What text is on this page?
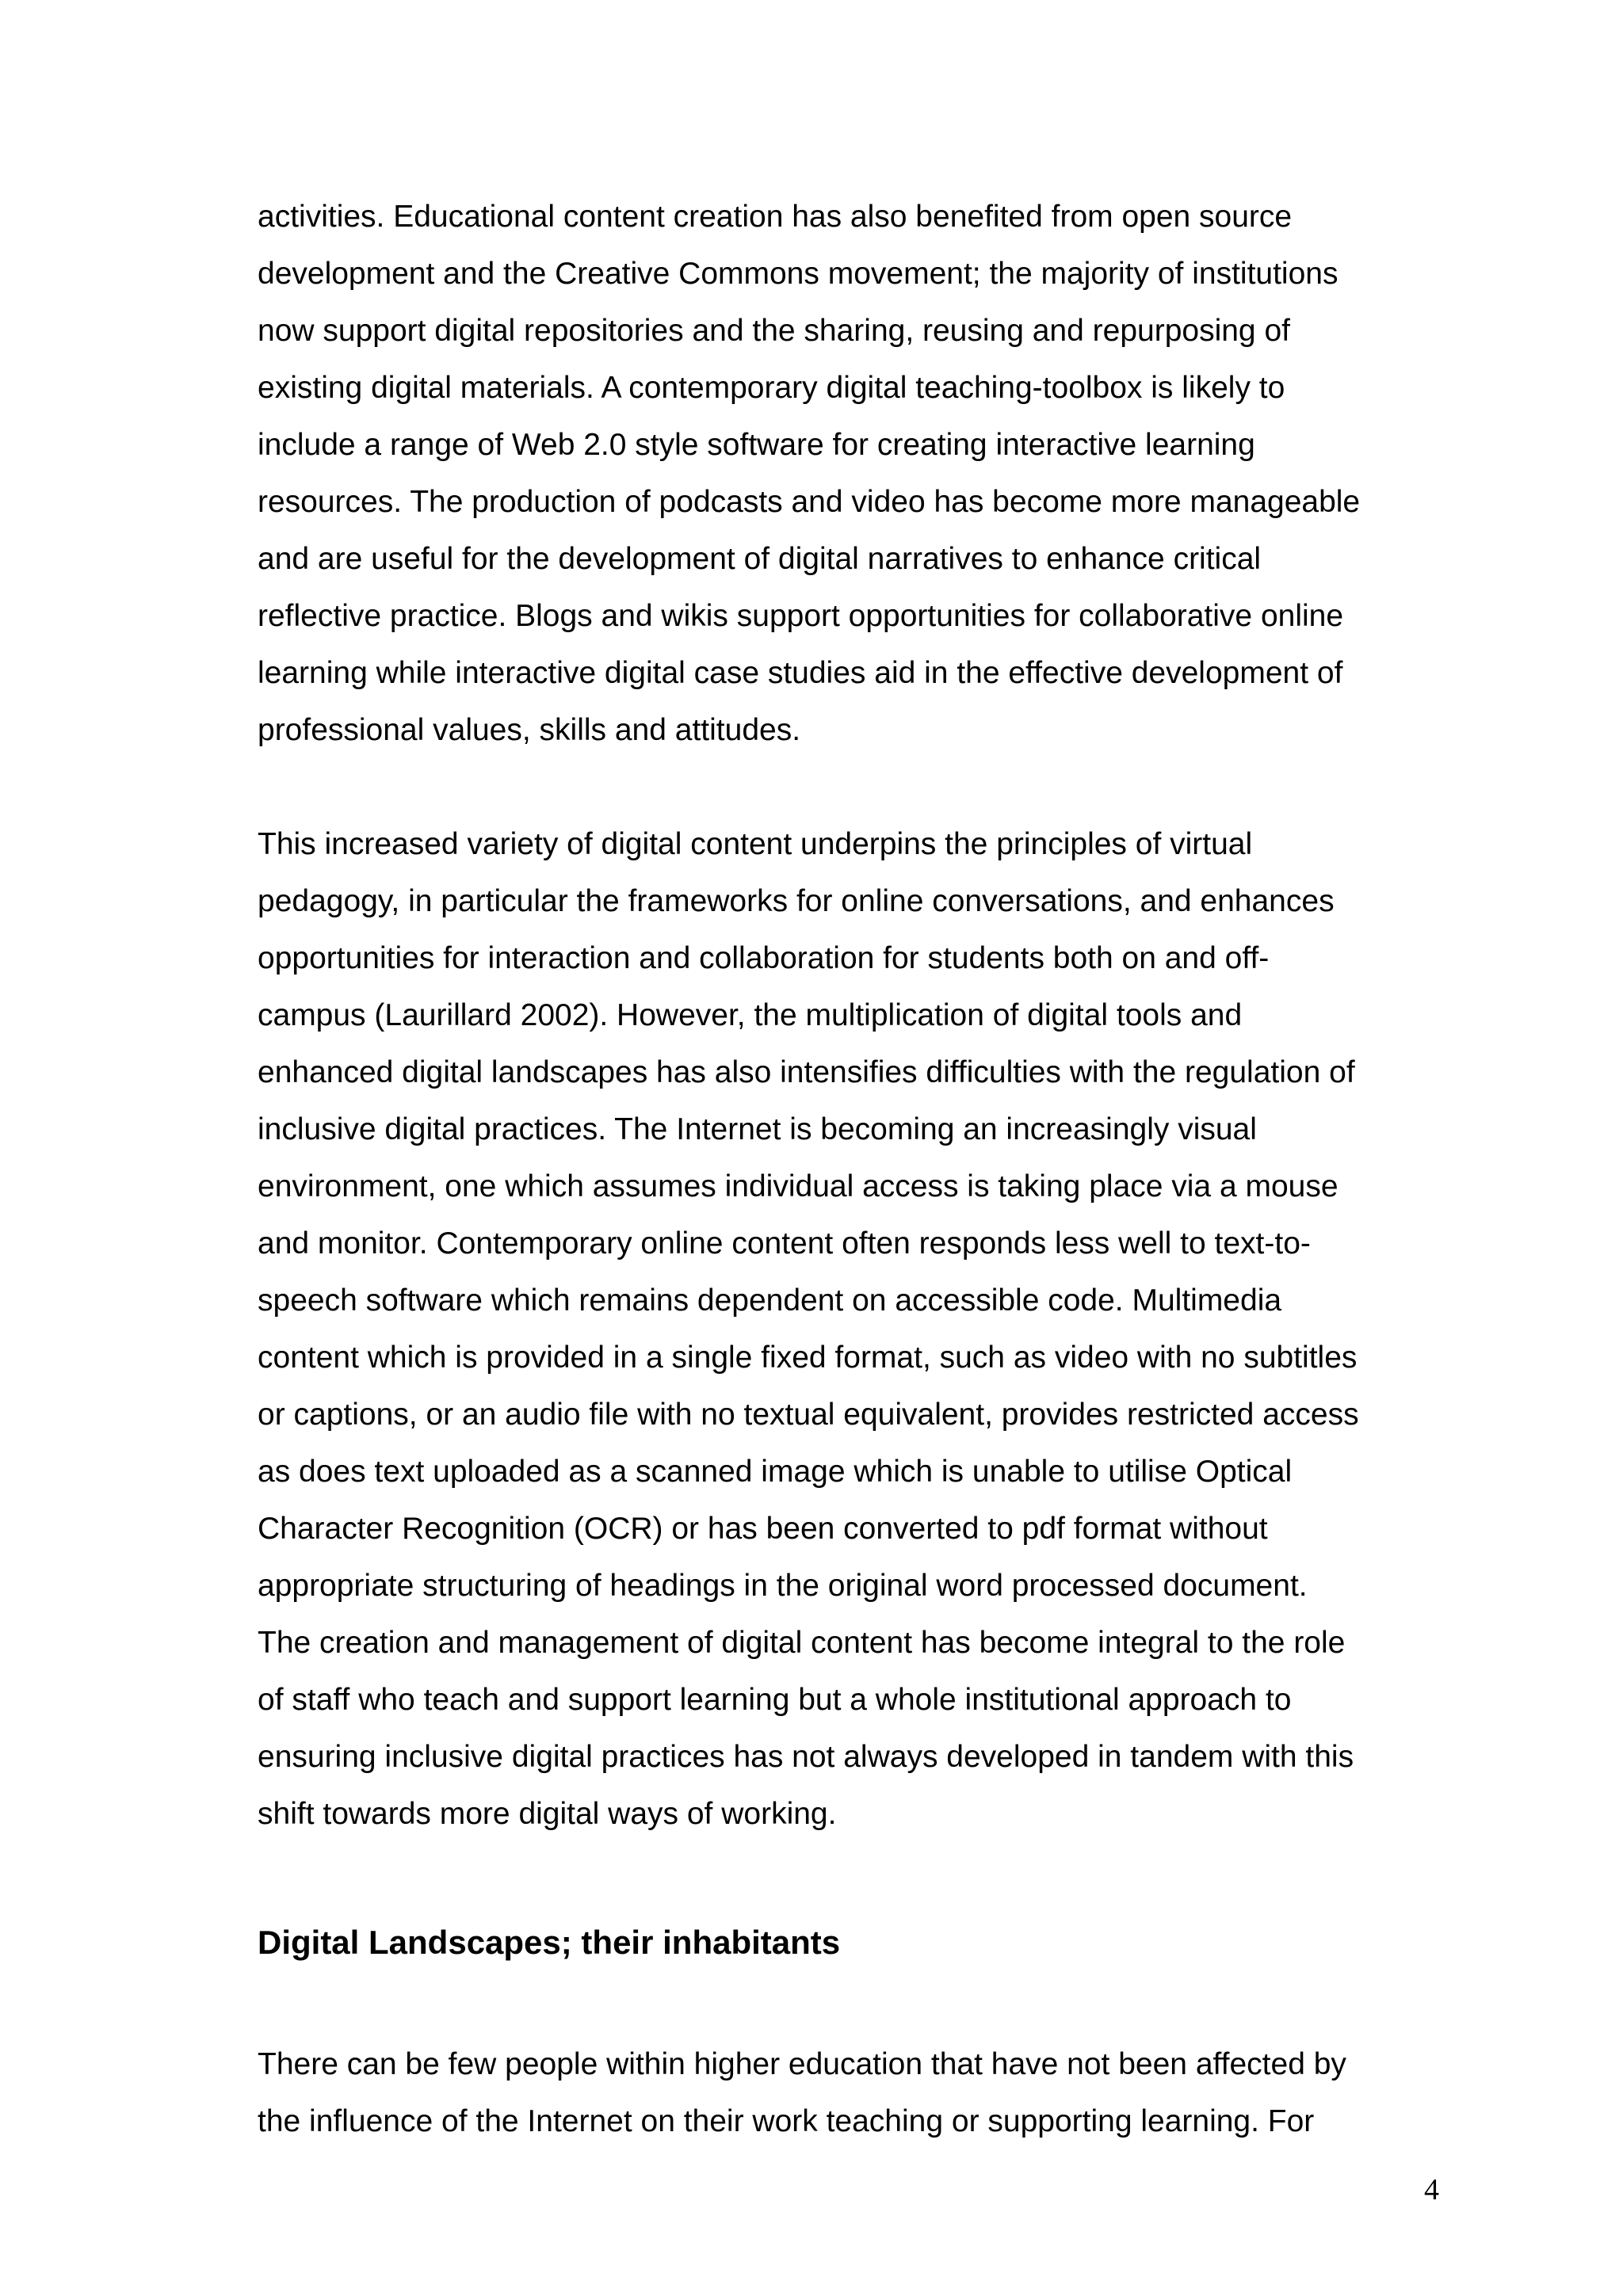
activities. Educational content creation has also benefited from open source

development and the Creative Commons movement; the majority of institutions

now support digital repositories and the sharing, reusing and repurposing of

existing digital materials. A contemporary digital teaching-toolbox is likely to

include a range of Web 2.0 style software for creating interactive learning

resources. The production of podcasts and video has become more manageable

and are useful for the development of digital narratives to enhance critical

reflective practice. Blogs and wikis support opportunities for collaborative online

learning while interactive digital case studies aid in the effective development of

professional values, skills and attitudes.

This increased variety of digital content underpins the principles of virtual

pedagogy, in particular the frameworks for online conversations, and enhances

opportunities for interaction and collaboration for students both on and off-

campus (Laurillard 2002). However, the multiplication of digital tools and

enhanced digital landscapes has also intensifies difficulties with the regulation of

inclusive digital practices. The Internet is becoming an increasingly visual

environment, one which assumes individual access is taking place via a mouse

and monitor. Contemporary online content often responds less well to text-to-

speech software which remains dependent on accessible code. Multimedia

content which is provided in a single fixed format, such as video with no subtitles

or captions, or an audio file with no textual equivalent, provides restricted access

as does text uploaded as a scanned image which is unable to utilise Optical

Character Recognition (OCR) or has been converted to pdf format without

appropriate structuring of headings in the original word processed document.

The creation and management of digital content has become integral to the role

of staff who teach and support learning but a whole institutional approach to

ensuring inclusive digital practices has not always developed in tandem with this

shift towards more digital ways of working.

Digital Landscapes; their inhabitants

There can be few people within higher education that have not been affected by

the influence of the Internet on their work teaching or supporting learning. For

4
